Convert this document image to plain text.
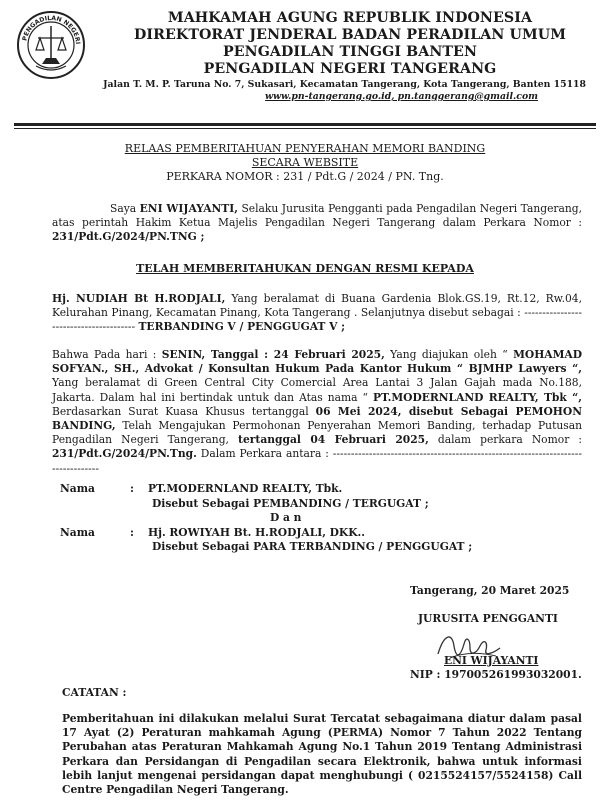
PENGADILAN NEGERI
MAHKAMAH AGUNG REPUBLIK INDONESIA
DIREKTORAT JENDERAL BADAN PERADILAN UMUM
PENGADILAN TINGGI BANTEN
PENGADILAN NEGERI TANGERANG
Jalan T. M. P. Taruna No. 7, Sukasari, Kecamatan Tangerang, Kota Tangerang, Banten 15118
www.pn-tangerang.go.id, pn.tanggerang@gmail.com
RELAAS PEMBERITAHUAN PENYERAHAN MEMORI BANDING
SECARA WEBSITE
PERKARA NOMOR : 231 / Pdt.G / 2024 / PN. Tng.
Saya ENI WIJAYANTI, Selaku Jurusita Pengganti pada Pengadilan Negeri Tangerang, atas perintah Hakim Ketua Majelis Pengadilan Negeri Tangerang dalam Perkara Nomor : 231/Pdt.G/2024/PN.TNG ;
TELAH MEMBERITAHUKAN DENGAN RESMI KEPADA
Hj. NUDIAH Bt H.RODJALI, Yang beralamat di Buana Gardenia Blok.GS.19, Rt.12, Rw.04, Kelurahan Pinang, Kecamatan Pinang, Kota Tangerang . Selanjutnya disebut sebagai : --------------------------------------- TERBANDING V / PENGGUGAT V ;
Bahwa Pada hari : SENIN, Tanggal : 24 Februari 2025, Yang diajukan oleh “ MOHAMAD SOFYAN., SH., Advokat / Konsultan Hukum Pada Kantor Hukum “ BJMHP Lawyers “, Yang beralamat di Green Central City Comercial Area Lantai 3 Jalan Gajah mada No.188, Jakarta. Dalam hal ini bertindak untuk dan Atas nama “ PT.MODERNLAND REALTY, Tbk “, Berdasarkan Surat Kuasa Khusus tertanggal 06 Mei 2024, disebut Sebagai PEMOHON BANDING, Telah Mengajukan Permohonan Penyerahan Memori Banding, terhadap Putusan Pengadilan Negeri Tangerang, tertanggal 04 Februari 2025, dalam perkara Nomor : 231/Pdt.G/2024/PN.Tng. Dalam Perkara antara : ----------------------------------------------------------------------------------
Nama	:	PT.MODERNLAND REALTY, Tbk.
Disebut Sebagai PEMBANDING / TERGUGAT ;
D a n
Nama	:	Hj. ROWIYAH Bt. H.RODJALI, DKK..
Disebut Sebagai PARA TERBANDING / PENGGUGAT ;
Tangerang, 20 Maret 2025
JURUSITA PENGGANTI
ENI WIJAYANTI
NIP : 197005261993032001.
CATATAN :
Pemberitahuan ini dilakukan melalui Surat Tercatat sebagaimana diatur dalam pasal 17 Ayat (2) Peraturan mahkamah Agung (PERMA) Nomor 7 Tahun 2022 Tentang Perubahan atas Peraturan Mahkamah Agung No.1 Tahun 2019 Tentang Administrasi Perkara dan Persidangan di Pengadilan secara Elektronik, bahwa untuk informasi lebih lanjut mengenai persidangan dapat menghubungi ( 0215524157/5524158) Call Centre Pengadilan Negeri Tangerang.
